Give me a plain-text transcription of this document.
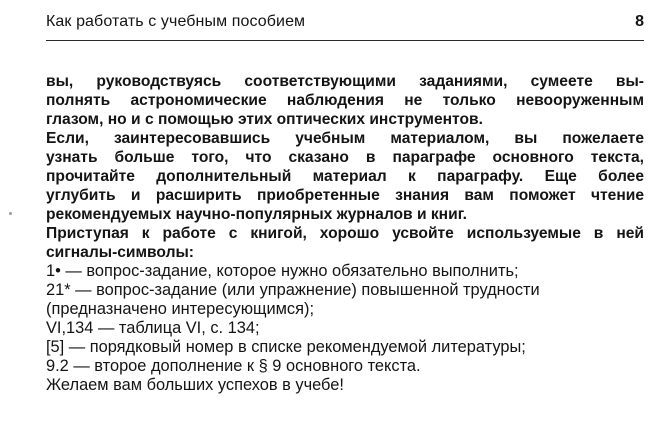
Как работать с учебным пособием	8
вы, руководствуясь соответствующими заданиями, сумеете вы-
полнять астрономические наблюдения не только невооруженным
глазом, но и с помощью этих оптических инструментов.
Если, заинтересовавшись учебным материалом, вы пожелаете
узнать больше того, что сказано в параграфе основного текста,
прочитайте дополнительный материал к параграфу. Еще более
углубить и расширить приобретенные знания вам поможет чтение
рекомендуемых научно-популярных журналов и книг.
Приступая к работе с книгой, хорошо усвойте используемые в ней
сигналы-символы:
1• — вопрос-задание, которое нужно обязательно выполнить;
21* — вопрос-задание (или упражнение) повышенной трудности
(предназначено интересующимся);
VI,134 — таблица VI, с. 134;
[5] — порядковый номер в списке рекомендуемой литературы;
9.2 — второе дополнение к § 9 основного текста.
Желаем вам больших успехов в учебе!
